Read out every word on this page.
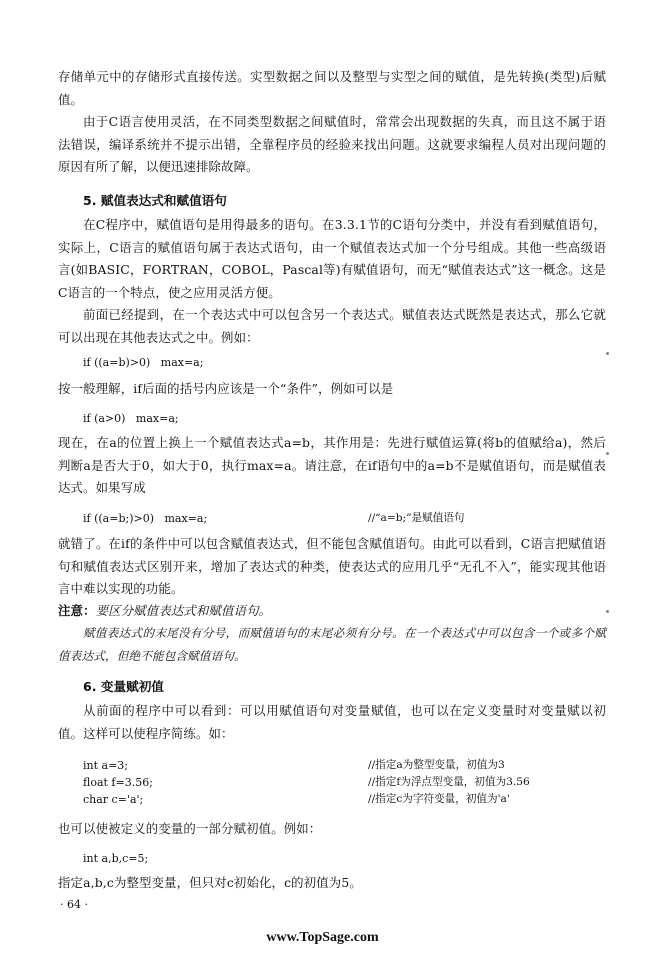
存储单元中的存储形式直接传送。实型数据之间以及整型与实型之间的赋值，是先转换(类型)后赋值。

由于C语言使用灵活，在不同类型数据之间赋值时，常常会出现数据的失真，而且这不属于语法错误，编译系统并不提示出错，全靠程序员的经验来找出问题。这就要求编程人员对出现问题的原因有所了解，以便迅速排除故障。

5. 赋值表达式和赋值语句

在C程序中，赋值语句是用得最多的语句。在3.3.1节的C语句分类中，并没有看到赋值语句，实际上，C语言的赋值语句属于表达式语句，由一个赋值表达式加一个分号组成。其他一些高级语言(如BASIC，FORTRAN，COBOL，Pascal等)有赋值语句，而无“赋值表达式”这一概念。这是C语言的一个特点，使之应用灵活方便。

前面已经提到，在一个表达式中可以包含另一个表达式。赋值表达式既然是表达式，那么它就可以出现在其他表达式之中。例如：

if ((a=b)>0)   max=a;

按一般理解，if后面的括号内应该是一个“条件”，例如可以是

if (a>0)   max=a;

现在，在a的位置上换上一个赋值表达式a=b，其作用是：先进行赋值运算(将b的值赋给a)，然后判断a是否大于0，如大于0，执行max=a。请注意，在if语句中的a=b不是赋值语句，而是赋值表达式。如果写成

if ((a=b;)>0)   max=a;	//“a=b;”是赋值语句

就错了。在if的条件中可以包含赋值表达式，但不能包含赋值语句。由此可以看到，C语言把赋值语句和赋值表达式区别开来，增加了表达式的种类，使表达式的应用几乎“无孔不入”，能实现其他语言中难以实现的功能。

注意：要区分赋值表达式和赋值语句。

赋值表达式的末尾没有分号，而赋值语句的末尾必须有分号。在一个表达式中可以包含一个或多个赋值表达式，但绝不能包含赋值语句。

6. 变量赋初值

从前面的程序中可以看到：可以用赋值语句对变量赋值，也可以在定义变量时对变量赋以初值。这样可以使程序简练。如：

int a=3;

float f=3.56;

char c='a';

//指定a为整型变量，初值为3

//指定f为浮点型变量，初值为3.56

//指定c为字符变量，初值为'a'

也可以使被定义的变量的一部分赋初值。例如：

int a,b,c=5;

指定a,b,c为整型变量，但只对c初始化，c的初值为5。

· 64 ·
www.TopSage.com
